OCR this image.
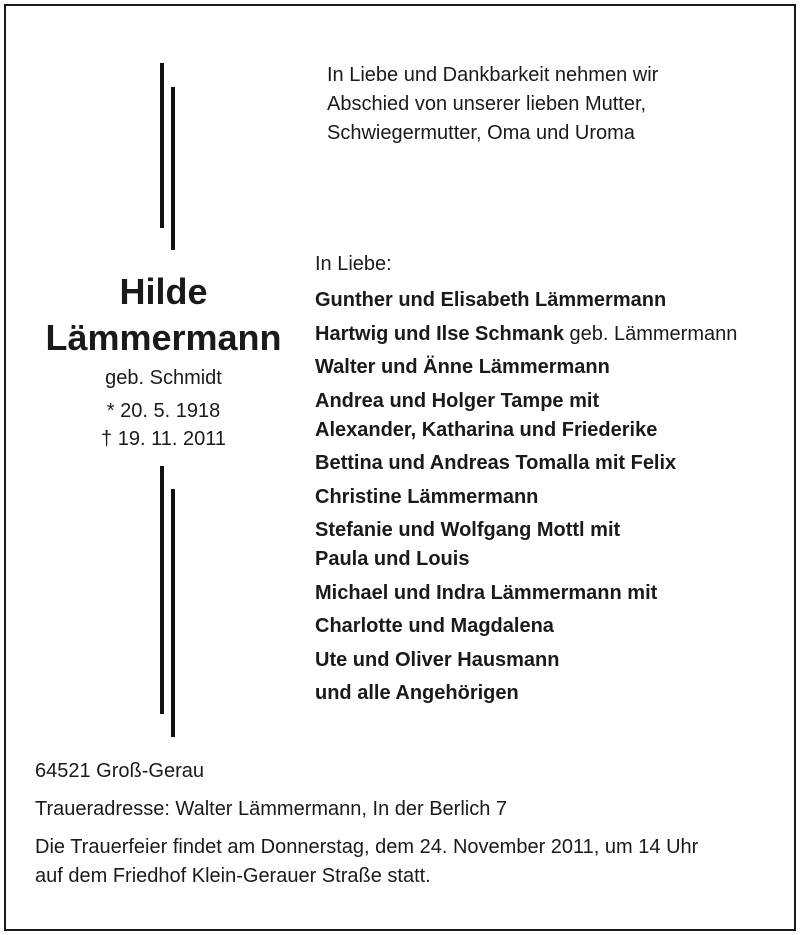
In Liebe und Dankbarkeit nehmen wir
Abschied von unserer lieben Mutter,
Schwiegermutter, Oma und Uroma
Hilde
Lämmermann
geb. Schmidt
* 20. 5. 1918
† 19. 11. 2011
In Liebe:
Gunther und Elisabeth Lämmermann
Hartwig und Ilse Schmank geb. Lämmermann
Walter und Änne Lämmermann
Andrea und Holger Tampe mit
Alexander, Katharina und Friederike
Bettina und Andreas Tomalla mit Felix
Christine Lämmermann
Stefanie und Wolfgang Mottl mit
Paula und Louis
Michael und Indra Lämmermann mit
Charlotte und Magdalena
Ute und Oliver Hausmann
und alle Angehörigen
64521 Groß-Gerau
Traueradresse: Walter Lämmermann, In der Berlich 7
Die Trauerfeier findet am Donnerstag, dem 24. November 2011, um 14 Uhr
auf dem Friedhof Klein-Gerauer Straße statt.
